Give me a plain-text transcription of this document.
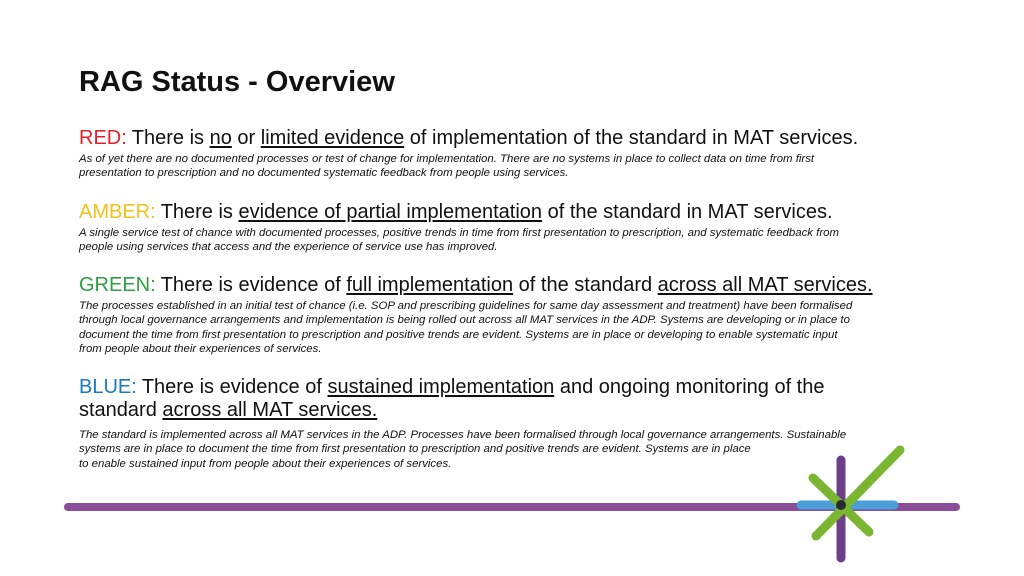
RAG Status - Overview
RED: There is no or limited evidence of implementation of the standard in MAT services.
As of yet there are no documented processes or test of change for implementation. There are no systems in place to collect data on time from first
presentation to prescription and no documented systematic feedback from people using services.
AMBER: There is evidence of partial implementation of the standard in MAT services.
A single service test of chance with documented processes, positive trends in time from first presentation to prescription, and systematic feedback from
people using services that access and the experience of service use has improved.
GREEN: There is evidence of full implementation of the standard across all MAT services.
The processes established in an initial test of chance (i.e. SOP and prescribing guidelines for same day assessment and treatment) have been formalised
through local governance arrangements and implementation is being rolled out across all MAT services in the ADP. Systems are developing or in place to
document the time from first presentation to prescription and positive trends are evident. Systems are in place or developing to enable systematic input
from people about their experiences of services.
BLUE: There is evidence of sustained implementation and ongoing monitoring of the standard across all MAT services.
The standard is implemented across all MAT services in the ADP. Processes have been formalised through local governance arrangements. Sustainable
systems are in place to document the time from first presentation to prescription and positive trends are evident. Systems are in place
to enable sustained input from people about their experiences of services.
